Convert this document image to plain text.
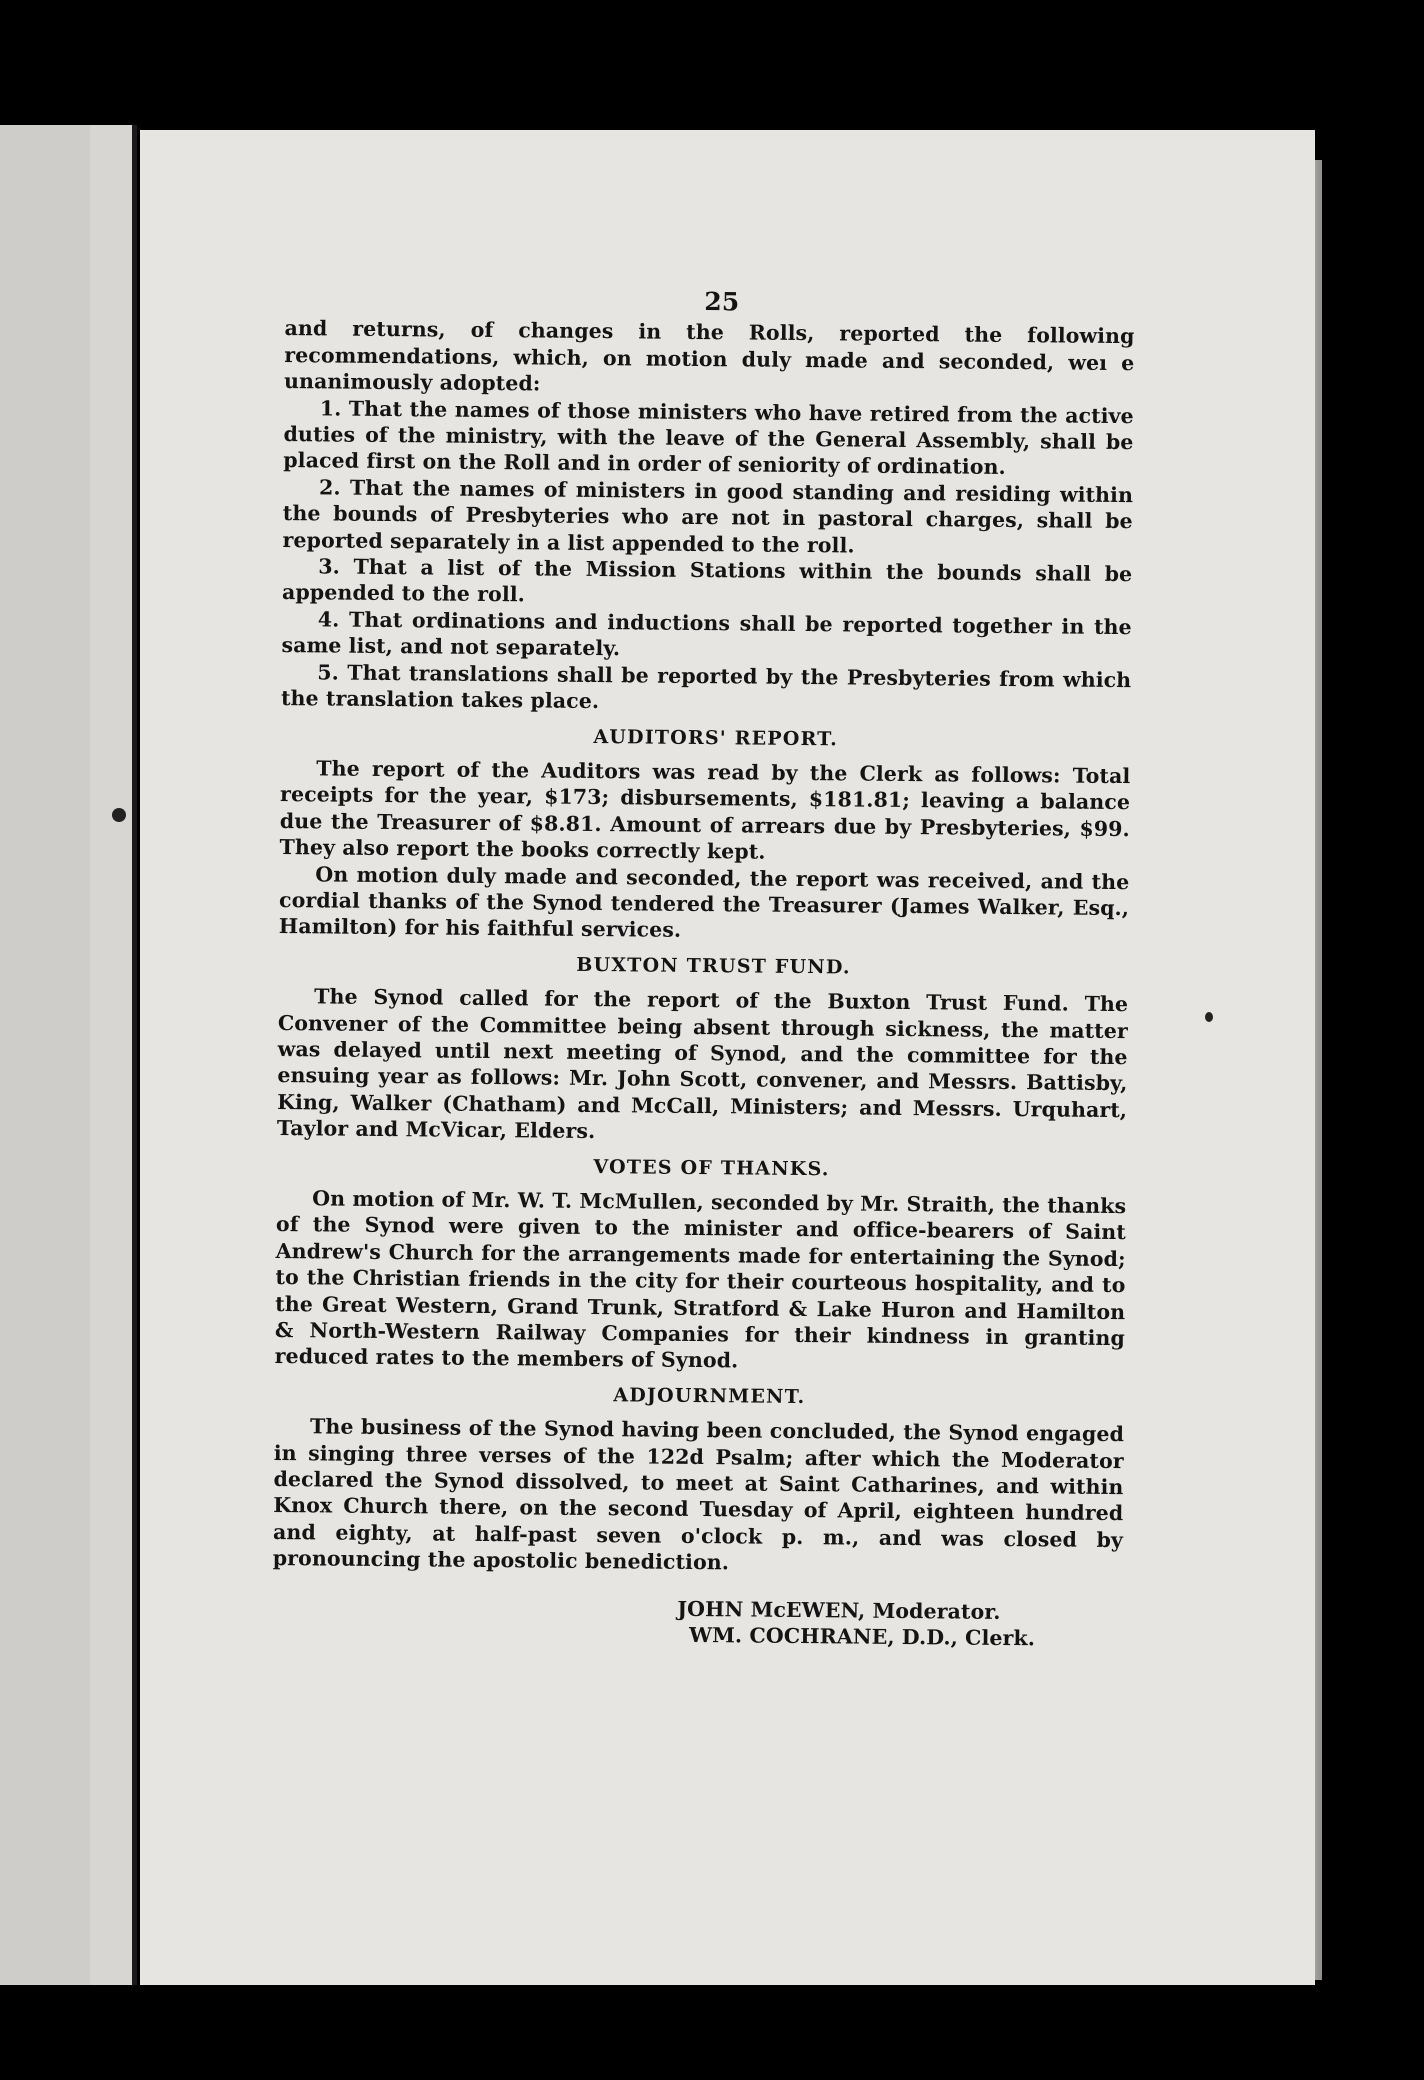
25

and returns, of changes in the Rolls, reported the following recommendations, which, on motion duly made and seconded, weı e unanimously adopted:

1. That the names of those ministers who have retired from the active duties of the ministry, with the leave of the General Assembly, shall be placed first on the Roll and in order of seniority of ordination.

2. That the names of ministers in good standing and residing within the bounds of Presbyteries who are not in pastoral charges, shall be reported separately in a list appended to the roll.

3. That a list of the Mission Stations within the bounds shall be appended to the roll.

4. That ordinations and inductions shall be reported together in the same list, and not separately.

5. That translations shall be reported by the Presbyteries from which the translation takes place.

AUDITORS' REPORT.

The report of the Auditors was read by the Clerk as follows: Total receipts for the year, $173; disbursements, $181.81; leaving a balance due the Treasurer of $8.81. Amount of arrears due by Presbyteries, $99. They also report the books correctly kept.

On motion duly made and seconded, the report was received, and the cordial thanks of the Synod tendered the Treasurer (James Walker, Esq., Hamilton) for his faithful services.

BUXTON TRUST FUND.

The Synod called for the report of the Buxton Trust Fund. The Convener of the Committee being absent through sickness, the matter was delayed until next meeting of Synod, and the committee for the ensuing year as follows: Mr. John Scott, convener, and Messrs. Battisby, King, Walker (Chatham) and McCall, Ministers; and Messrs. Urquhart, Taylor and McVicar, Elders.

VOTES OF THANKS.

On motion of Mr. W. T. McMullen, seconded by Mr. Straith, the thanks of the Synod were given to the minister and office-bearers of Saint Andrew's Church for the arrangements made for entertaining the Synod; to the Christian friends in the city for their courteous hospitality, and to the Great Western, Grand Trunk, Stratford & Lake Huron and Hamilton & North-Western Railway Companies for their kindness in granting reduced rates to the members of Synod.

ADJOURNMENT.

The business of the Synod having been concluded, the Synod engaged in singing three verses of the 122d Psalm; after which the Moderator declared the Synod dissolved, to meet at Saint Catharines, and within Knox Church there, on the second Tuesday of April, eighteen hundred and eighty, at half-past seven o'clock p. m., and was closed by pronouncing the apostolic benediction.

JOHN McEWEN, Moderator.

WM. COCHRANE, D.D., Clerk.
